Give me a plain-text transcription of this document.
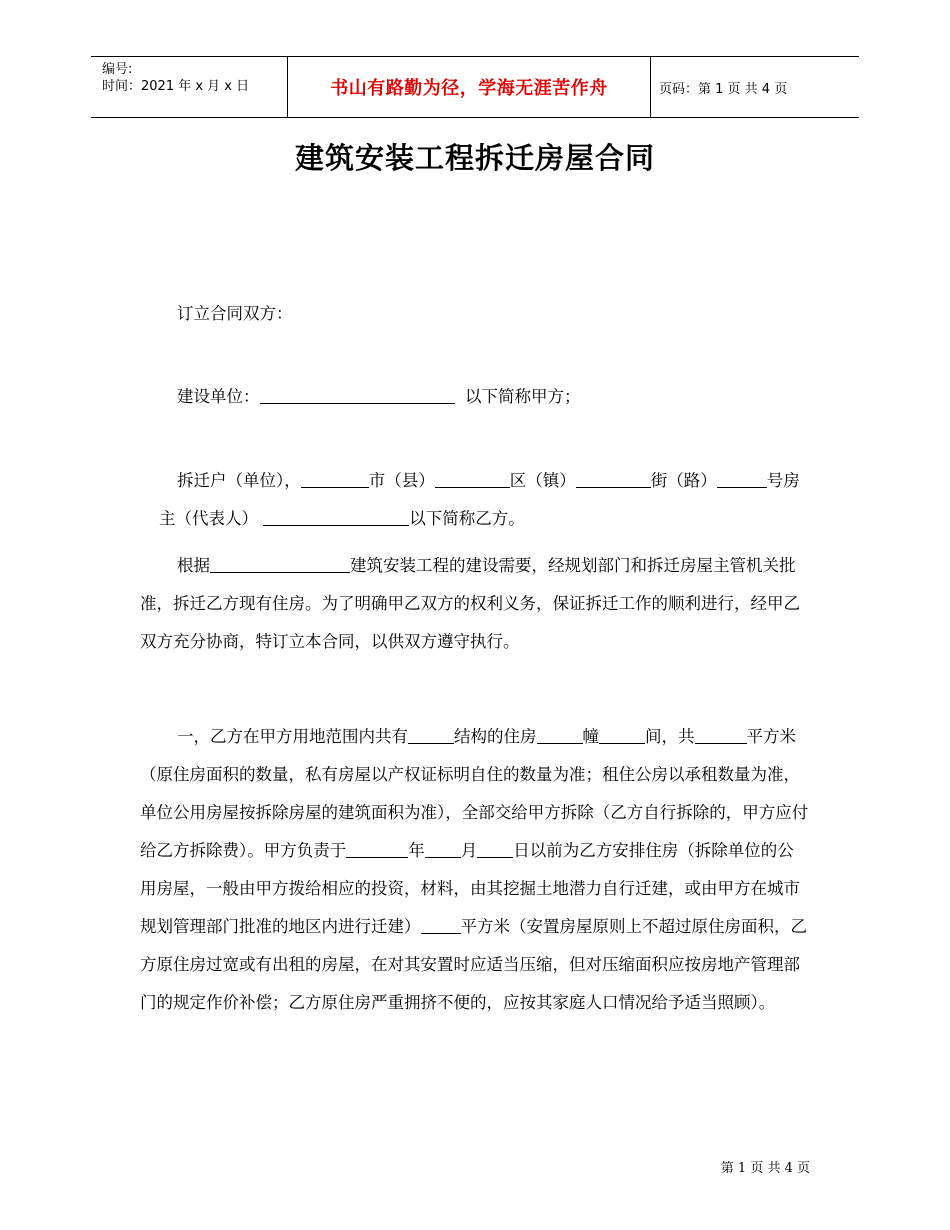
编号:
时间：2021 年 x 月 x 日	书山有路勤为径，学海无涯苦作舟	页码：第 1 页 共 4 页
建筑安装工程拆迁房屋合同
订立合同双方：
建设单位：	以下简称甲方；
拆迁户（单位），	市（县）	区（镇）	街（路）	号房
主（代表人）	以下简称乙方。
根据	建筑安装工程的建设需要，经规划部门和拆迁房屋主管机关批准，拆迁乙方现有住房。为了明确甲乙双方的权利义务，保证拆迁工作的顺利进行，经甲乙双方充分协商，特订立本合同，以供双方遵守执行。
一，乙方在甲方用地范围内共有	结构的住房	幢	间，共	平方米（原住房面积的数量，私有房屋以产权证标明自住的数量为准；租住公房以承租数量为准，单位公用房屋按拆除房屋的建筑面积为准），全部交给甲方拆除（乙方自行拆除的，甲方应付给乙方拆除费）。甲方负责于	年 月 日以前为乙方安排住房（拆除单位的公用房屋，一般由甲方拨给相应的投资，材料，由其挖掘土地潜力自行迁建，或由甲方在城市规划管理部门批准的地区内进行迁建） 平方米（安置房屋原则上不超过原住房面积，乙方原住房过宽或有出租的房屋，在对其安置时应适当压缩，但对压缩面积应按房地产管理部门的规定作价补偿；乙方原住房严重拥挤不便的，应按其家庭人口情况给予适当照顾）。
第 1 页 共 4 页
